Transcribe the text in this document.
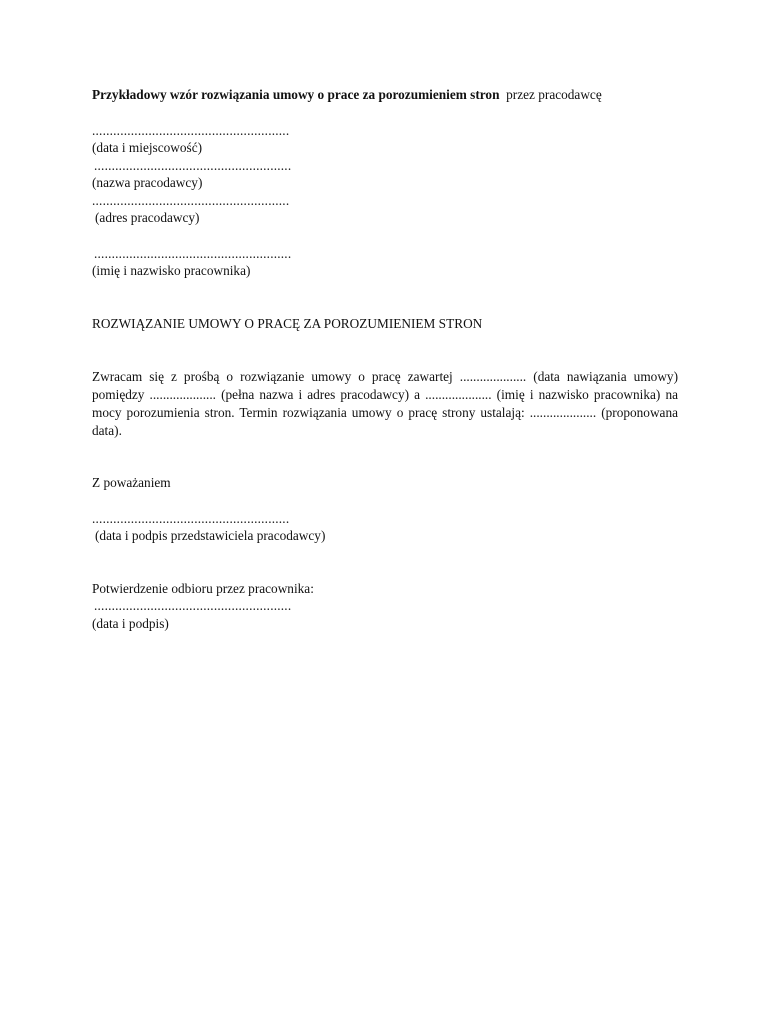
Przykładowy wzór rozwiązania umowy o prace za porozumieniem stron przez pracodawcę
........................................................
(data i miejscowość)
........................................................
(nazwa pracodawcy)
........................................................
(adres pracodawcy)
........................................................
(imię i nazwisko pracownika)
ROZWIĄZANIE UMOWY O PRACĘ ZA POROZUMIENIEM STRON
Zwracam się z prośbą o rozwiązanie umowy o pracę zawartej .................... (data nawiązania umowy) pomiędzy .................... (pełna nazwa i adres pracodawcy) a .................... (imię i nazwisko pracownika) na mocy porozumienia stron. Termin rozwiązania umowy o pracę strony ustalają: .................... (proponowana data).
Z poważaniem
........................................................
(data i podpis przedstawiciela pracodawcy)
Potwierdzenie odbioru przez pracownika:
........................................................
(data i podpis)
